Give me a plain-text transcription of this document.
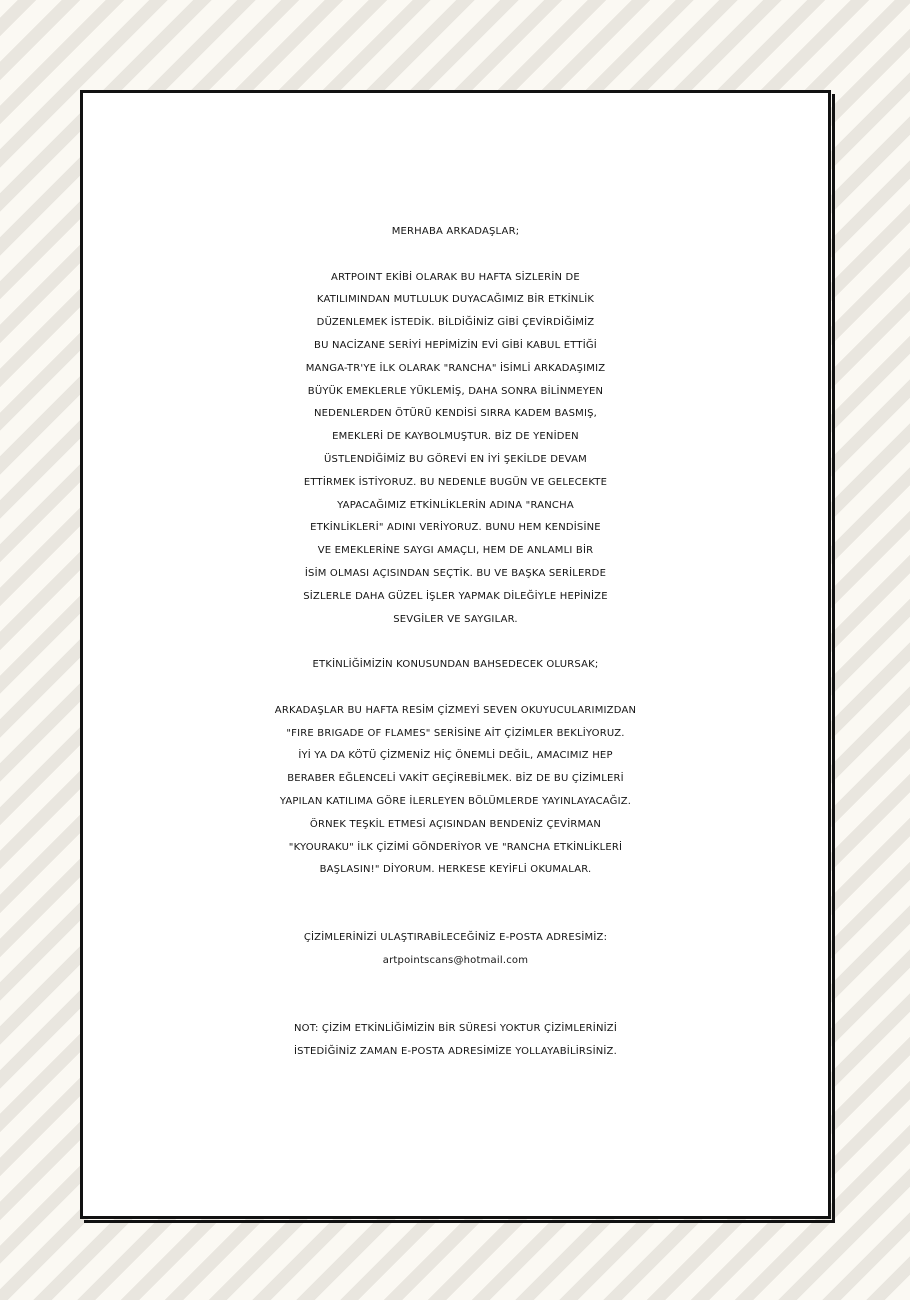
MERHABA ARKADAŞLAR;

ARTPOINT EKİBİ OLARAK BU HAFTA SİZLERİN DE

KATILIMINDAN MUTLULUK DUYACAĞIMIZ BİR ETKİNLİK

DÜZENLEMEK İSTEDİK. BİLDİĞİNİZ GİBİ ÇEVİRDİĞİMİZ

BU NACİZANE SERİYİ HEPİMİZİN EVİ GİBİ KABUL ETTİĞİ

MANGA-TR'YE İLK OLARAK "RANCHA" İSİMLİ ARKADAŞIMIZ

BÜYÜK EMEKLERLE YÜKLEMİŞ, DAHA SONRA BİLİNMEYEN

NEDENLERDEN ÖTÜRÜ KENDİSİ SIRRA KADEM BASMIŞ,

EMEKLERİ DE KAYBOLMUŞTUR. BİZ DE YENİDEN

ÜSTLENDİĞİMİZ BU GÖREVİ EN İYİ ŞEKİLDE DEVAM

ETTİRMEK İSTİYORUZ. BU NEDENLE BUGÜN VE GELECEKTE

YAPACAĞIMIZ ETKİNLİKLERİN ADINA "RANCHA

ETKİNLİKLERİ" ADINI VERİYORUZ. BUNU HEM KENDİSİNE

VE EMEKLERİNE SAYGI AMAÇLI, HEM DE ANLAMLI BİR

İSİM OLMASI AÇISINDAN SEÇTİK. BU VE BAŞKA SERİLERDE

SİZLERLE DAHA GÜZEL İŞLER YAPMAK DİLEĞİYLE HEPİNİZE

SEVGİLER VE SAYGILAR.

ETKİNLİĞİMİZİN KONUSUNDAN BAHSEDECEK OLURSAK;

ARKADAŞLAR BU HAFTA RESİM ÇİZMEYİ SEVEN OKUYUCULARIMIZDAN

"FIRE BRIGADE OF FLAMES" SERİSİNE AİT ÇİZİMLER BEKLİYORUZ.

İYİ YA DA KÖTÜ ÇİZMENİZ HİÇ ÖNEMLİ DEĞİL, AMACIMIZ HEP

BERABER EĞLENCELİ VAKİT GEÇİREBİLMEK. BİZ DE BU ÇİZİMLERİ

YAPILAN KATILIMA GÖRE İLERLEYEN BÖLÜMLERDE YAYINLAYACAĞIZ.

ÖRNEK TEŞKİL ETMESİ AÇISINDAN BENDENİZ ÇEVİRMAN

"KYOURAKU" İLK ÇİZİMİ GÖNDERİYOR VE "RANCHA ETKİNLİKLERİ

BAŞLASIN!" DİYORUM. HERKESE KEYİFLİ OKUMALAR.

ÇİZİMLERİNİZİ ULAŞTIRABİLECEĞİNİZ E-POSTA ADRESİMİZ:

artpointscans@hotmail.com

NOT: ÇİZİM ETKİNLİĞİMİZİN BİR SÜRESİ YOKTUR ÇİZİMLERİNİZİ

İSTEDİĞİNİZ ZAMAN E-POSTA ADRESİMİZE YOLLAYABİLİRSİNİZ.
